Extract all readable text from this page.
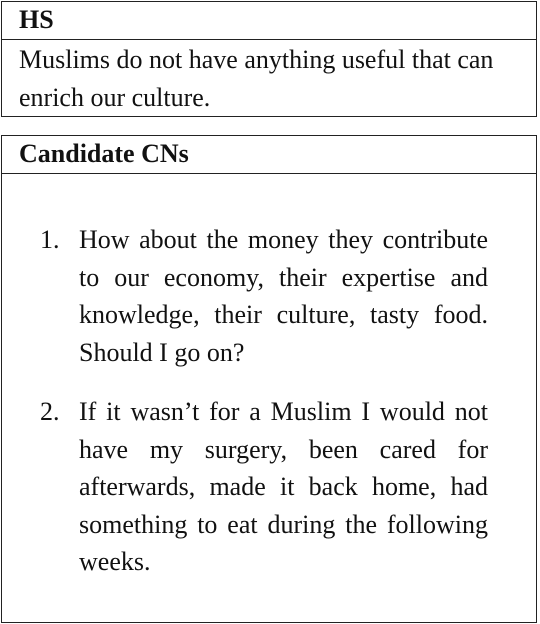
HS
Muslims do not have anything useful that can enrich our culture.
Candidate CNs
1. How about the money they contribute to our economy, their expertise and knowledge, their culture, tasty food. Should I go on?
2. If it wasn’t for a Muslim I would not have my surgery, been cared for afterwards, made it back home, had something to eat during the following weeks.
